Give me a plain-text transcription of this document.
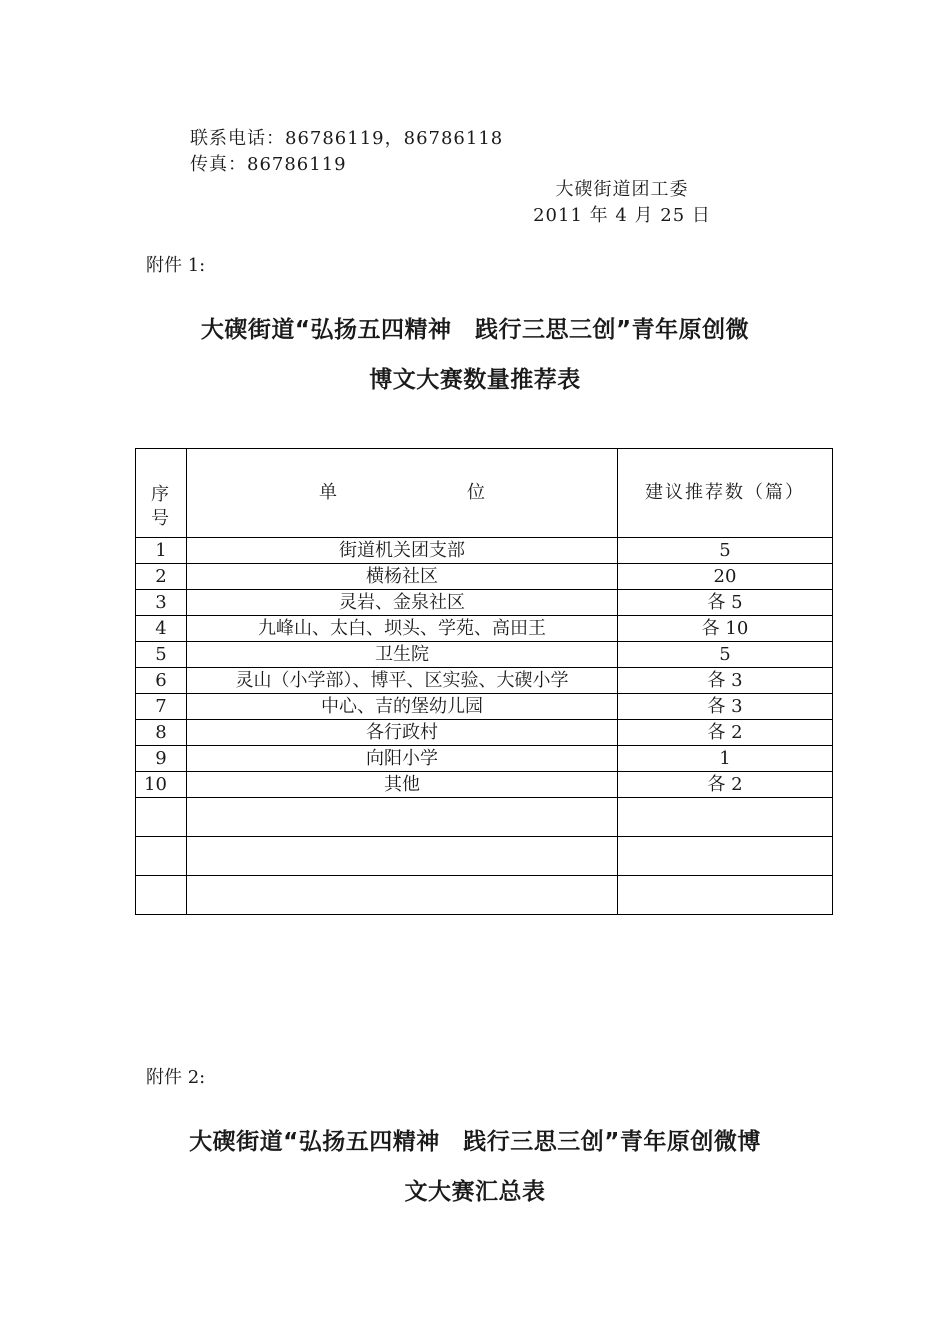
联系电话：86786119，86786118
传真：86786119
大碶街道团工委
2011 年 4 月 25 日
附件 1:
大碶街道“弘扬五四精神　践行三思三创”青年原创微
博文大赛数量推荐表
序号	单位	建议推荐数（篇）
1	街道机关团支部	5
2	横杨社区	20
3	灵岩、金泉社区	各 5
4	九峰山、太白、坝头、学苑、高田王	各 10
5	卫生院	5
6	灵山（小学部）、博平、区实验、大碶小学	各 3
7	中心、吉的堡幼儿园	各 3
8	各行政村	各 2
9	向阳小学	1
10	其他	各 2

附件 2:
大碶街道“弘扬五四精神　践行三思三创”青年原创微博
文大赛汇总表
